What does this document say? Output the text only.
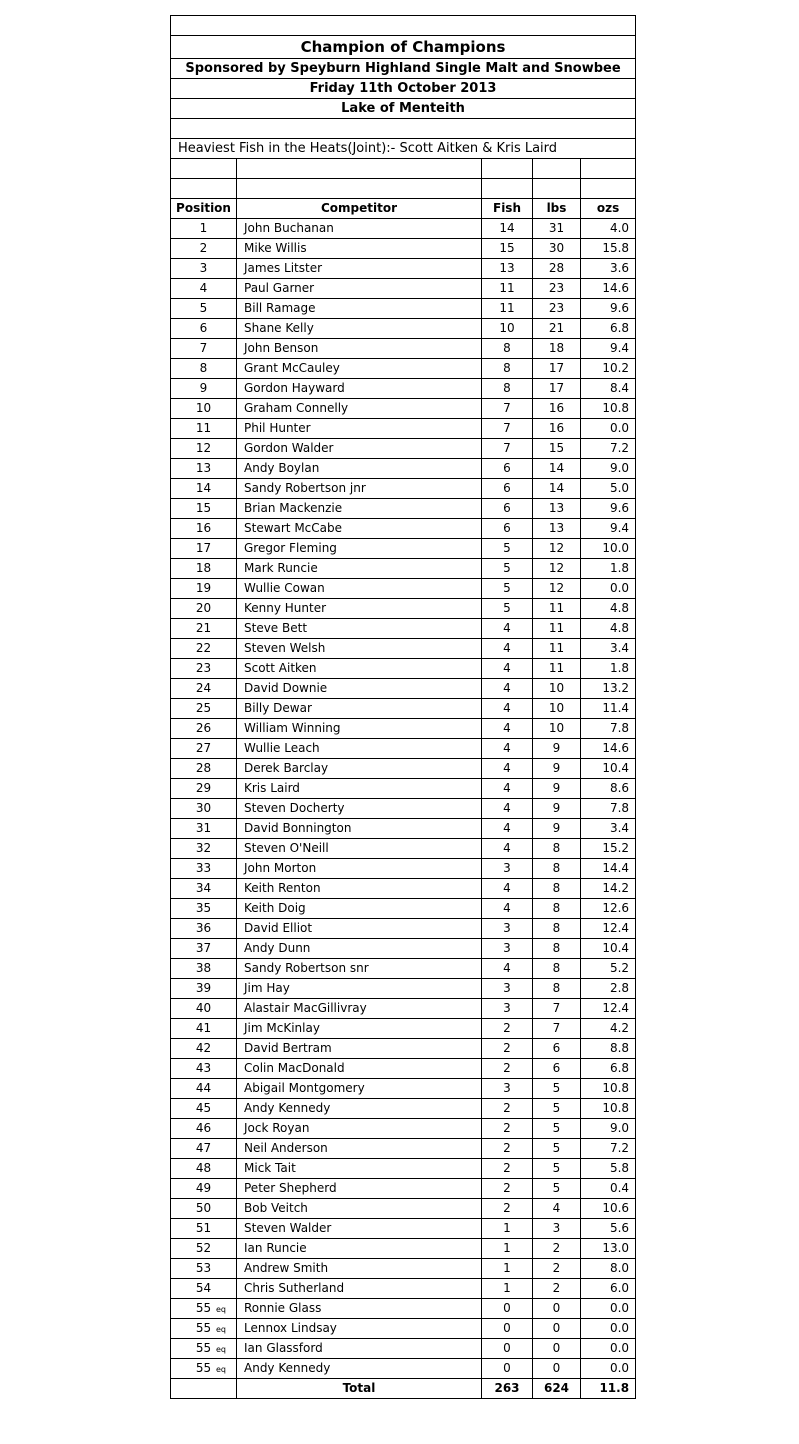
Champion of Champions				
Sponsored by Speyburn Highland Single Malt and Snowbee				
Friday 11th October 2013				
Lake of Menteith				

Heaviest Fish in the Heats(Joint):- Scott Aitken & Kris Laird				

Position	Competitor	Fish	lbs	ozs
1	John Buchanan	14	31	4.0
2	Mike Willis	15	30	15.8
3	James Litster	13	28	3.6
4	Paul Garner	11	23	14.6
5	Bill Ramage	11	23	9.6
6	Shane Kelly	10	21	6.8
7	John Benson	8	18	9.4
8	Grant McCauley	8	17	10.2
9	Gordon Hayward	8	17	8.4
10	Graham Connelly	7	16	10.8
11	Phil Hunter	7	16	0.0
12	Gordon Walder	7	15	7.2
13	Andy Boylan	6	14	9.0
14	Sandy Robertson jnr	6	14	5.0
15	Brian Mackenzie	6	13	9.6
16	Stewart McCabe	6	13	9.4
17	Gregor Fleming	5	12	10.0
18	Mark Runcie	5	12	1.8
19	Wullie Cowan	5	12	0.0
20	Kenny Hunter	5	11	4.8
21	Steve Bett	4	11	4.8
22	Steven Welsh	4	11	3.4
23	Scott Aitken	4	11	1.8
24	David Downie	4	10	13.2
25	Billy Dewar	4	10	11.4
26	William Winning	4	10	7.8
27	Wullie Leach	4	9	14.6
28	Derek Barclay	4	9	10.4
29	Kris Laird	4	9	8.6
30	Steven Docherty	4	9	7.8
31	David Bonnington	4	9	3.4
32	Steven O'Neill	4	8	15.2
33	John Morton	3	8	14.4
34	Keith Renton	4	8	14.2
35	Keith Doig	4	8	12.6
36	David Elliot	3	8	12.4
37	Andy Dunn	3	8	10.4
38	Sandy Robertson snr	4	8	5.2
39	Jim Hay	3	8	2.8
40	Alastair MacGillivray	3	7	12.4
41	Jim McKinlay	2	7	4.2
42	David Bertram	2	6	8.8
43	Colin MacDonald	2	6	6.8
44	Abigail Montgomery	3	5	10.8
45	Andy Kennedy	2	5	10.8
46	Jock Royan	2	5	9.0
47	Neil Anderson	2	5	7.2
48	Mick Tait	2	5	5.8
49	Peter Shepherd	2	5	0.4
50	Bob Veitch	2	4	10.6
51	Steven Walder	1	3	5.6
52	Ian Runcie	1	2	13.0
53	Andrew Smith	1	2	8.0
54	Chris Sutherland	1	2	6.0
55 eq	Ronnie Glass	0	0	0.0
55 eq	Lennox Lindsay	0	0	0.0
55 eq	Ian Glassford	0	0	0.0
55 eq	Andy Kennedy	0	0	0.0
	Total	263	624	11.8
